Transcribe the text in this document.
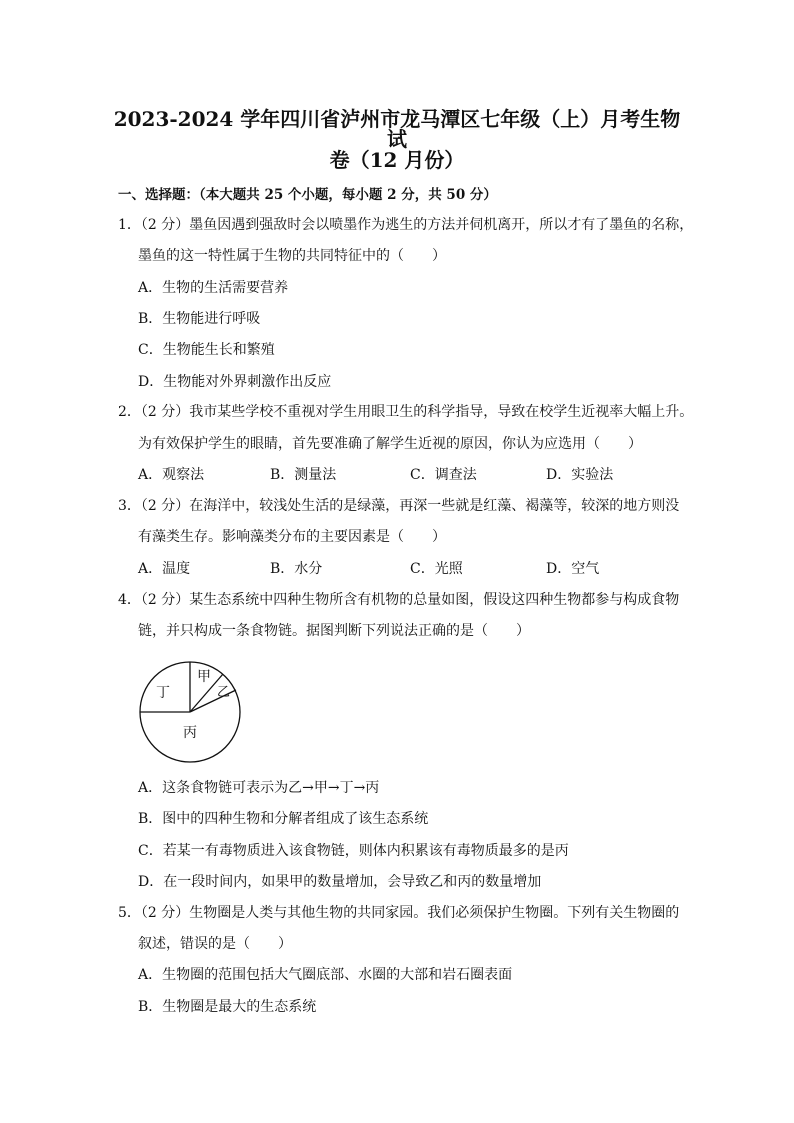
2023-2024 学年四川省泸州市龙马潭区七年级（上）月考生物试
卷（12 月份）
一、选择题：（本大题共 25 个小题，每小题 2 分，共 50 分）
1．（2 分）墨鱼因遇到强敌时会以喷墨作为逃生的方法并伺机离开，所以才有了墨鱼的名称，
墨鱼的这一特性属于生物的共同特征中的（　　）
A．生物的生活需要营养
B．生物能进行呼吸
C．生物能生长和繁殖
D．生物能对外界刺激作出反应
2．（2 分）我市某些学校不重视对学生用眼卫生的科学指导，导致在校学生近视率大幅上升。
为有效保护学生的眼睛，首先要准确了解学生近视的原因，你认为应选用（　　）
A．观察法	B．测量法	C．调查法	D．实验法
3．（2 分）在海洋中，较浅处生活的是绿藻，再深一些就是红藻、褐藻等，较深的地方则没
有藻类生存。影响藻类分布的主要因素是（　　）
A．温度	B．水分	C．光照	D．空气
4．（2 分）某生态系统中四种生物所含有机物的总量如图，假设这四种生物都参与构成食物
链，并只构成一条食物链。据图判断下列说法正确的是（　　）
丁
甲
乙
丙
A．这条食物链可表示为乙→甲→丁→丙
B．图中的四种生物和分解者组成了该生态系统
C．若某一有毒物质进入该食物链，则体内积累该有毒物质最多的是丙
D．在一段时间内，如果甲的数量增加，会导致乙和丙的数量增加
5．（2 分）生物圈是人类与其他生物的共同家园。我们必须保护生物圈。下列有关生物圈的
叙述，错误的是（　　）
A．生物圈的范围包括大气圈底部、水圈的大部和岩石圈表面
B．生物圈是最大的生态系统
